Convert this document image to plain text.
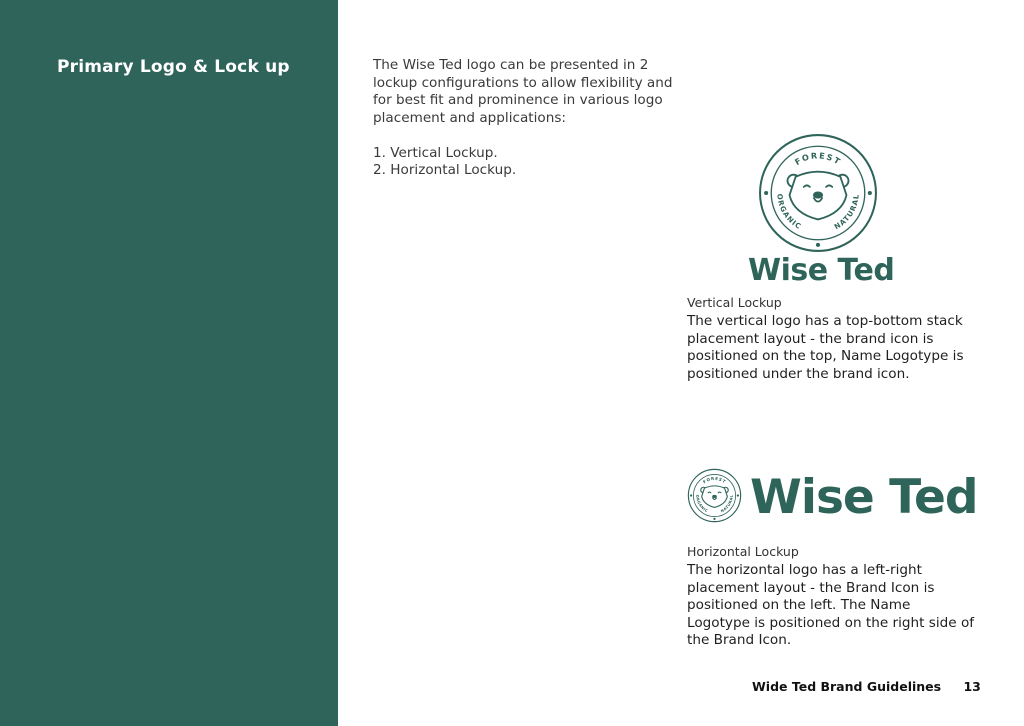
Primary Logo & Lock up	The Wise Ted logo can be presented in 2 lockup configurations to allow flexibility and for best fit and prominence in various logo placement and applications:

1. Vertical Lockup.
2. Horizontal Lockup.
FOREST
ORGANIC	NATURAL
Wise Ted
Vertical Lockup
The vertical logo has a top-bottom stack placement layout - the brand icon is positioned on the top, Name Logotype is positioned under the brand icon.
FOREST
ORGANIC NATURAL Wise Ted
Horizontal Lockup
The horizontal logo has a left-right placement layout - the Brand Icon is positioned on the left. The Name Logotype is positioned on the right side of the Brand Icon.
Wide Ted Brand Guidelines 13
